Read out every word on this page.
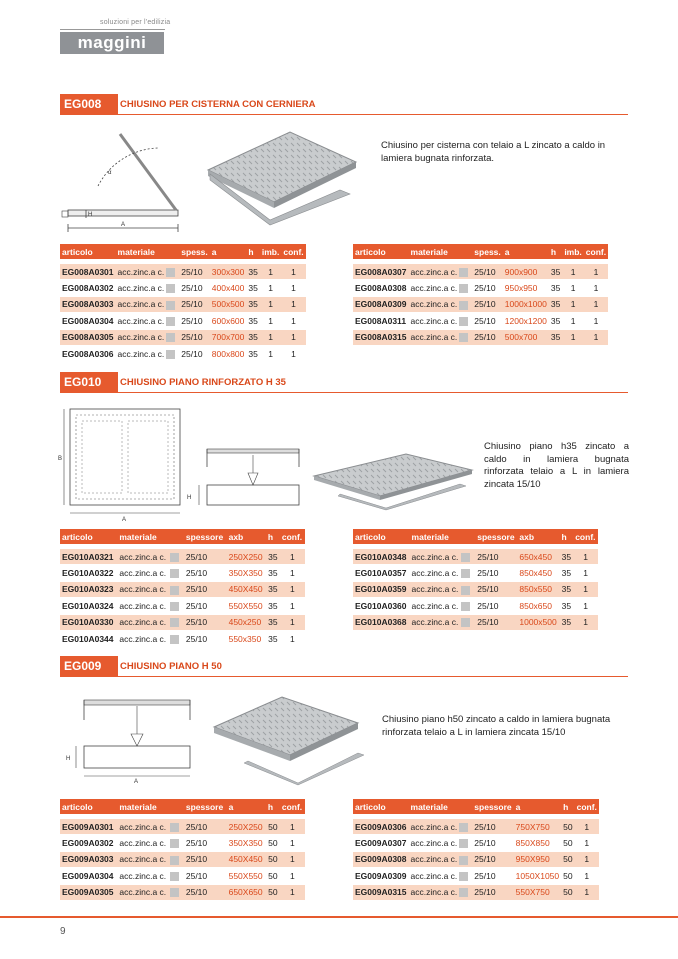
soluzioni per l'edilizia
maggini
EG008	CHIUSINO PER CISTERNA CON CERNIERA
A
H
α
Chiusino per cisterna con telaio a L zincato a caldo in lamiera bugnata rinforzata.
articolo	materiale		spess.	a	h	imb.	conf.

EG008A0301	acc.zinc.a c.		25/10	300x300	35	1	1
EG008A0302	acc.zinc.a c.		25/10	400x400	35	1	1
EG008A0303	acc.zinc.a c.		25/10	500x500	35	1	1
EG008A0304	acc.zinc.a c.		25/10	600x600	35	1	1
EG008A0305	acc.zinc.a c.		25/10	700x700	35	1	1
EG008A0306	acc.zinc.a c.		25/10	800x800	35	1	1
articolo	materiale		spess.	a	h	imb.	conf.

EG008A0307	acc.zinc.a c.		25/10	900x900	35	1	1
EG008A0308	acc.zinc.a c.		25/10	950x950	35	1	1
EG008A0309	acc.zinc.a c.		25/10	1000x1000	35	1	1
EG008A0311	acc.zinc.a c.		25/10	1200x1200	35	1	1
EG008A0315	acc.zinc.a c.		25/10	500x700	35	1	1
EG010	CHIUSINO PIANO RINFORZATO H 35
B
A
H
Chiusino piano h35 zincato a caldo in lamiera bugnata rinforzata telaio a L in lamiera zincata 15/10
articolo	materiale		spessore	axb	h	conf.

EG010A0321	acc.zinc.a c.		25/10	250X250	35	1
EG010A0322	acc.zinc.a c.		25/10	350X350	35	1
EG010A0323	acc.zinc.a c.		25/10	450X450	35	1
EG010A0324	acc.zinc.a c.		25/10	550X550	35	1
EG010A0330	acc.zinc.a c.		25/10	450x250	35	1
EG010A0344	acc.zinc.a c.		25/10	550x350	35	1
articolo	materiale		spessore	axb	h	conf.

EG010A0348	acc.zinc.a c.		25/10	650x450	35	1
EG010A0357	acc.zinc.a c.		25/10	850x450	35	1
EG010A0359	acc.zinc.a c.		25/10	850x550	35	1
EG010A0360	acc.zinc.a c.		25/10	850x650	35	1
EG010A0368	acc.zinc.a c.		25/10	1000x500	35	1
EG009	CHIUSINO PIANO H 50
H
A
Chiusino piano h50 zincato a caldo in lamiera bugnata rinforzata telaio a L in lamiera zincata 15/10
articolo	materiale		spessore	a	h	conf.

EG009A0301	acc.zinc.a c.		25/10	250X250	50	1
EG009A0302	acc.zinc.a c.		25/10	350X350	50	1
EG009A0303	acc.zinc.a c.		25/10	450X450	50	1
EG009A0304	acc.zinc.a c.		25/10	550X550	50	1
EG009A0305	acc.zinc.a c.		25/10	650X650	50	1
articolo	materiale		spessore	a	h	conf.

EG009A0306	acc.zinc.a c.		25/10	750X750	50	1
EG009A0307	acc.zinc.a c.		25/10	850X850	50	1
EG009A0308	acc.zinc.a c.		25/10	950X950	50	1
EG009A0309	acc.zinc.a c.		25/10	1050X1050	50	1
EG009A0315	acc.zinc.a c.		25/10	550X750	50	1
9
